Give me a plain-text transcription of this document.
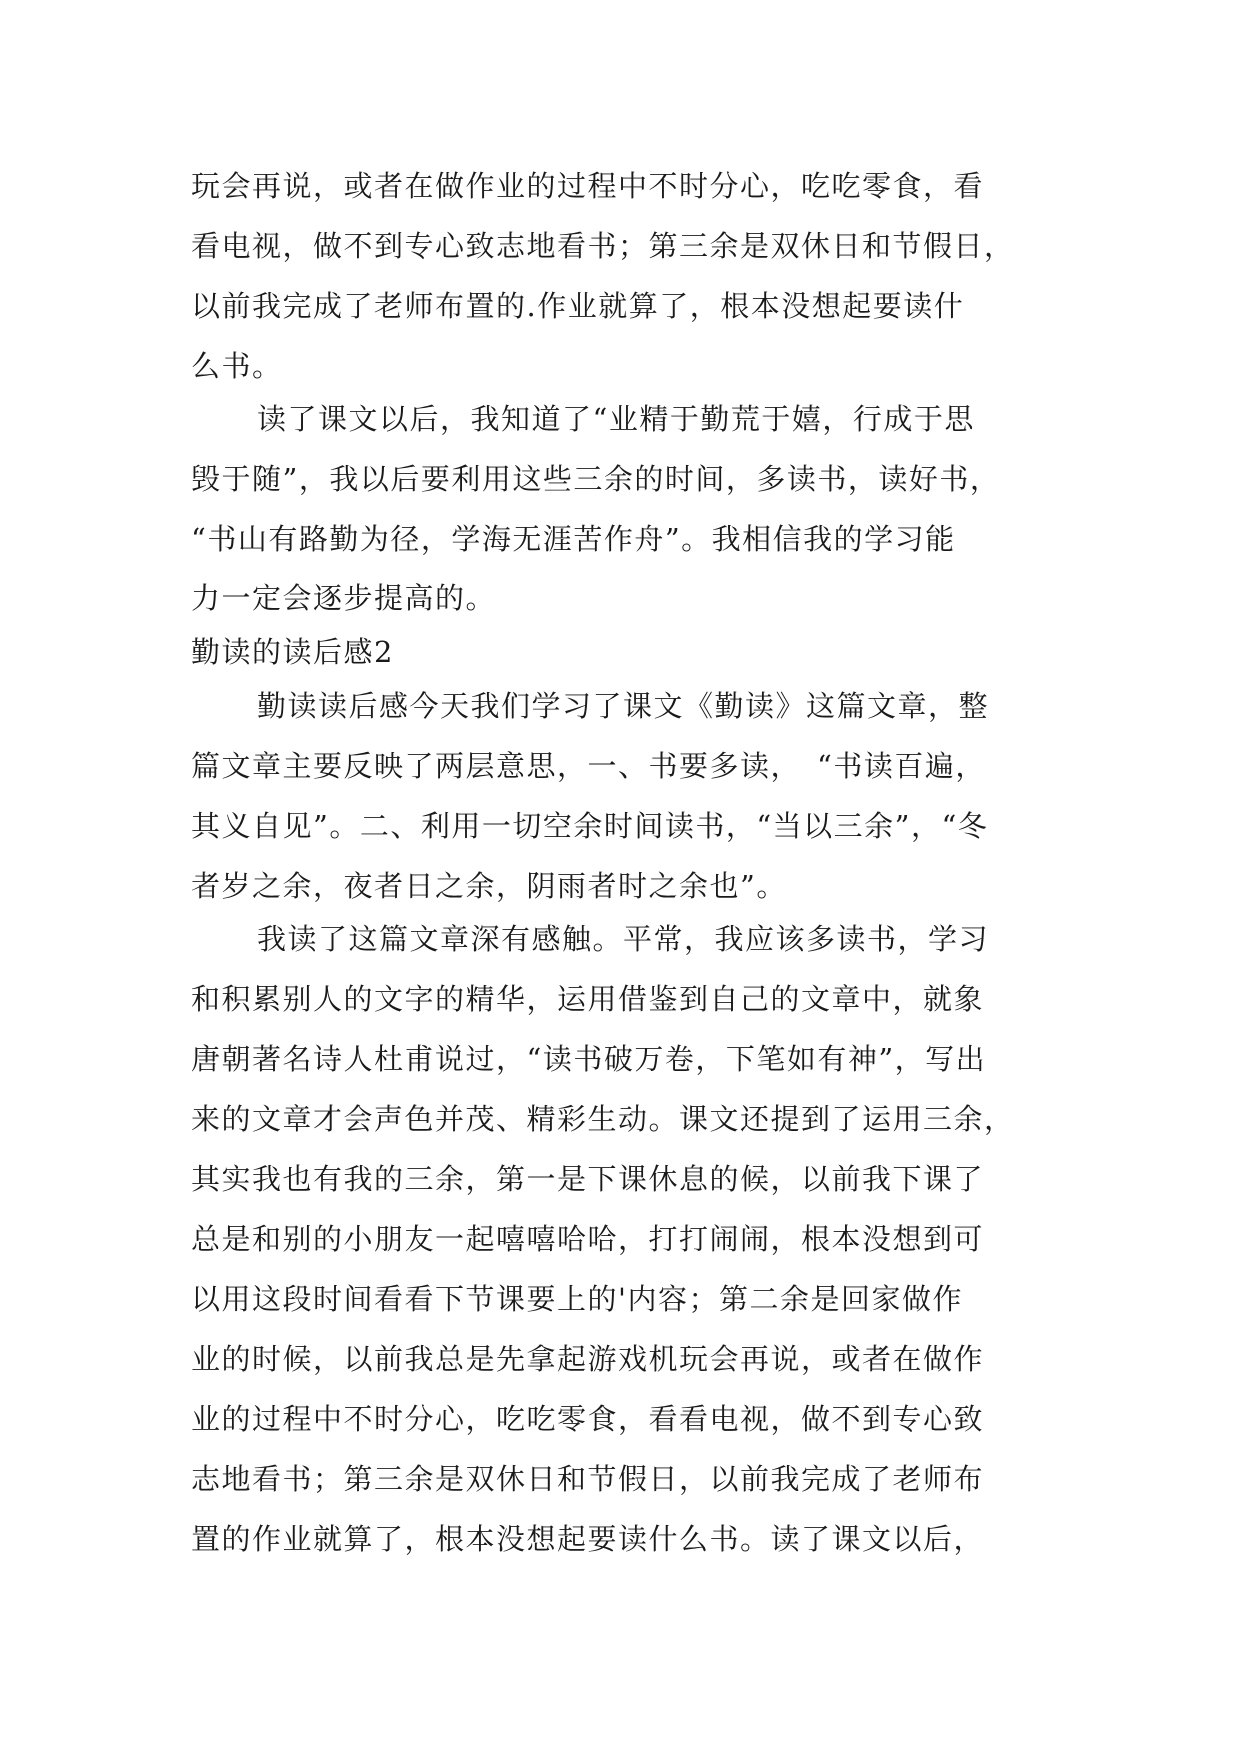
玩会再说，或者在做作业的过程中不时分心，吃吃零食，看
看电视，做不到专心致志地看书；第三余是双休日和节假日，
以前我完成了老师布置的.作业就算了，根本没想起要读什
么书。
读了课文以后，我知道了“业精于勤荒于嬉，行成于思
毁于随”，我以后要利用这些三余的时间，多读书，读好书，
“书山有路勤为径，学海无涯苦作舟”。我相信我的学习能
力一定会逐步提高的。
勤读的读后感2
勤读读后感今天我们学习了课文《勤读》这篇文章，整
篇文章主要反映了两层意思，一、书要多读，　“书读百遍，
其义自见”。二、利用一切空余时间读书，“当以三余”，“冬
者岁之余，夜者日之余，阴雨者时之余也”。
我读了这篇文章深有感触。平常，我应该多读书，学习
和积累别人的文字的精华，运用借鉴到自己的文章中，就象
唐朝著名诗人杜甫说过，“读书破万卷，下笔如有神”，写出
来的文章才会声色并茂、精彩生动。课文还提到了运用三余，
其实我也有我的三余，第一是下课休息的候，以前我下课了
总是和别的小朋友一起嘻嘻哈哈，打打闹闹，根本没想到可
以用这段时间看看下节课要上的'内容；第二余是回家做作
业的时候，以前我总是先拿起游戏机玩会再说，或者在做作
业的过程中不时分心，吃吃零食，看看电视，做不到专心致
志地看书；第三余是双休日和节假日，以前我完成了老师布
置的作业就算了，根本没想起要读什么书。读了课文以后，
